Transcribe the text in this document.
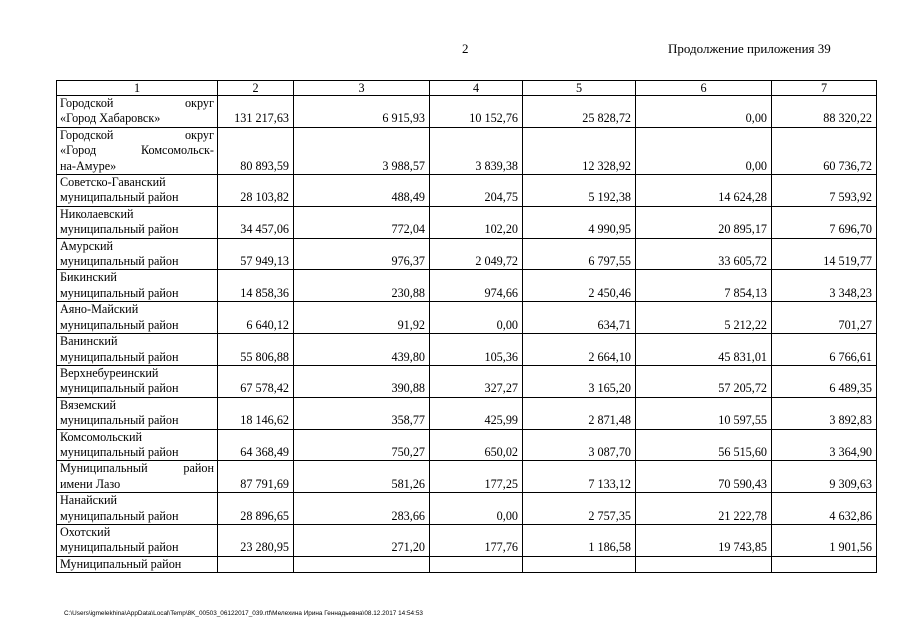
2	Продолжение приложения 39
1	2	3	4	5	6	7

Городской округ
«Город Хабаровск»	131 217,63	6 915,93	10 152,76	25 828,72	0,00	88 320,22

Городской округ
«Город Комсомольск-
на-Амуре»	80 893,59	3 988,57	3 839,38	12 328,92	0,00	60 736,72

Советско-Гаванский
муниципальный район	28 103,82	488,49	204,75	5 192,38	14 624,28	7 593,92

Николаевский
муниципальный район	34 457,06	772,04	102,20	4 990,95	20 895,17	7 696,70

Амурский
муниципальный район	57 949,13	976,37	2 049,72	6 797,55	33 605,72	14 519,77

Бикинский
муниципальный район	14 858,36	230,88	974,66	2 450,46	7 854,13	3 348,23

Аяно-Майский
муниципальный район	6 640,12	91,92	0,00	634,71	5 212,22	701,27

Ванинский
муниципальный район	55 806,88	439,80	105,36	2 664,10	45 831,01	6 766,61

Верхнебуреинский
муниципальный район	67 578,42	390,88	327,27	3 165,20	57 205,72	6 489,35

Вяземский
муниципальный район	18 146,62	358,77	425,99	2 871,48	10 597,55	3 892,83

Комсомольский
муниципальный район	64 368,49	750,27	650,02	3 087,70	56 515,60	3 364,90

Муниципальный район
имени Лазо	87 791,69	581,26	177,25	7 133,12	70 590,43	9 309,63

Нанайский
муниципальный район	28 896,65	283,66	0,00	2 757,35	21 222,78	4 632,86

Охотский
муниципальный район	23 280,95	271,20	177,76	1 186,58	19 743,85	1 901,56

Муниципальный район						

C:\Users\igmelekhina\AppData\Local\Temp\8K_00503_06122017_039.rtf\Мелехина Ирина Геннадьевна\08.12.2017 14:54:53
